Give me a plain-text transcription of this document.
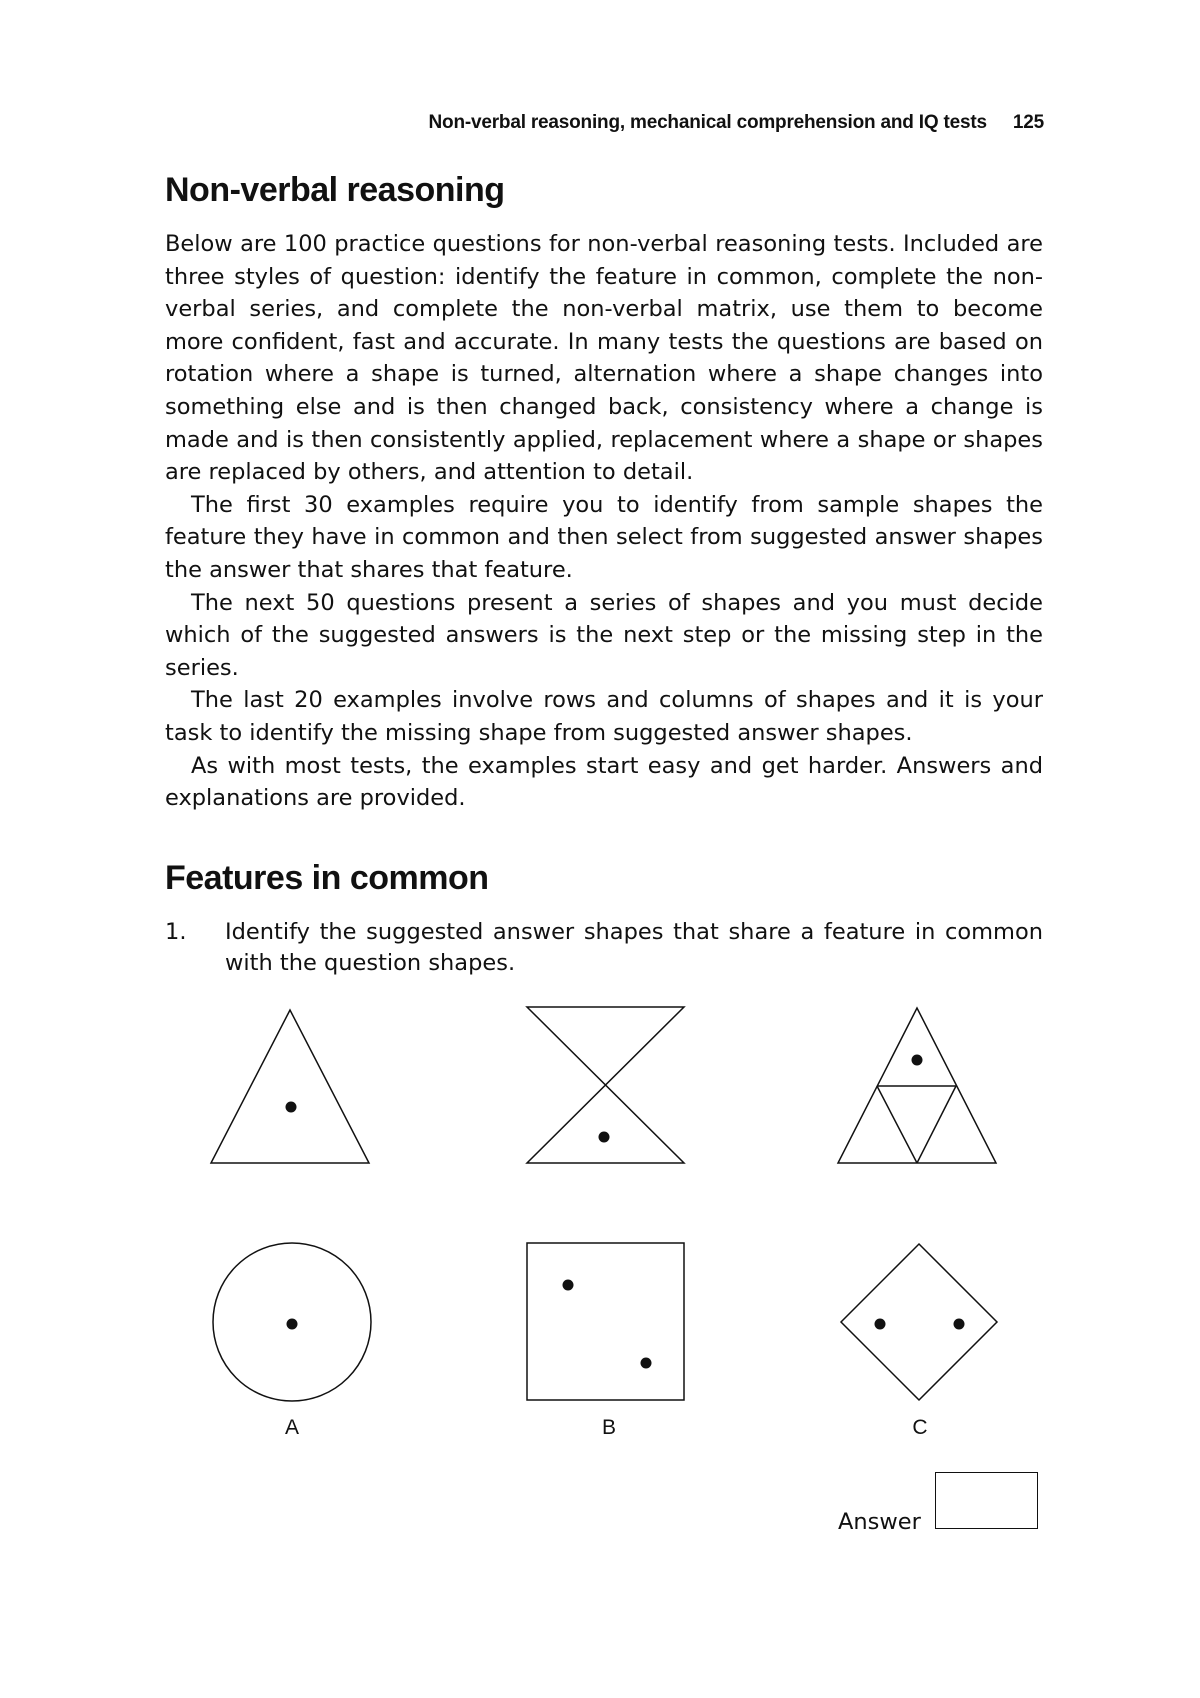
Non-verbal reasoning, mechanical comprehension and IQ tests 125
Non-verbal reasoning

Below are 100 practice questions for non-verbal reasoning tests. Included are three styles of question: identify the feature in common, complete the non-verbal series, and complete the non-verbal matrix, use them to become more confident, fast and accurate. In many tests the questions are based on rotation where a shape is turned, alternation where a shape changes into something else and is then changed back, consistency where a change is made and is then consistently applied, replacement where a shape or shapes are replaced by others, and attention to detail.

The first 30 examples require you to identify from sample shapes the feature they have in common and then select from suggested answer shapes the answer that shares that feature.

The next 50 questions present a series of shapes and you must decide which of the suggested answers is the next step or the missing step in the series.

The last 20 examples involve rows and columns of shapes and it is your task to identify the missing shape from suggested answer shapes.

As with most tests, the examples start easy and get harder. Answers and explanations are provided.

Features in common
1. Identify the suggested answer shapes that share a feature in common with the question shapes.
A	B	C
Answer
